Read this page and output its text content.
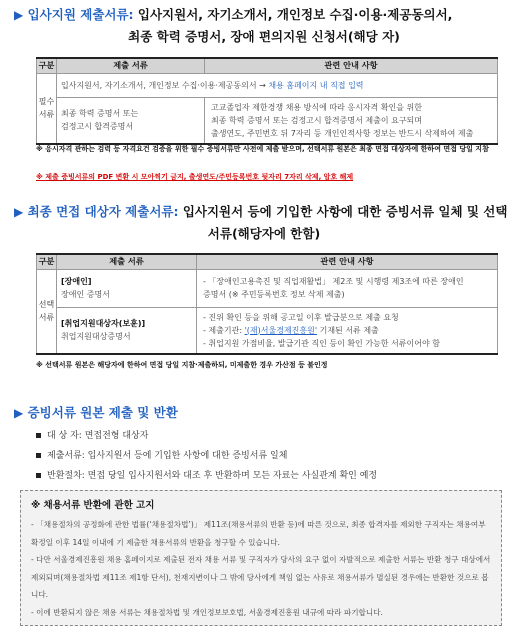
▶ 입사지원 제출서류: 입사지원서, 자기소개서, 개인정보 수집·이용·제공동의서,
최종 학력 증명서, 장애 편의지원 신청서(해당 자)
구분	제출 서류	관련 안내 사항
필수
서류	입사지원서, 자기소개서, 개인정보 수집·이용·제공동의서 → 채용 홈페이지 내 직접 입력	
	최종 학력 증명서 또는
검정고시 합격증명서	고교졸업자 제한경쟁 채용 방식에 따라 응시자격 확인을 위한
최종 학력 증명서 또는 검정고시 합격증명서 제출이 요구되며
출생연도, 주민번호 뒤 7자리 등 개인인적사항 정보는 반드시 삭제하여 제출
※ 응시자격 관하는 검력 등 자격요건 검증을 위한 필수 증빙서류만 사전에 제출 받으며, 선택서류 원본은 최종 면접 대상자에 한하여 면접 당일 지참
※ 제출 증빙서류의 PDF 변환 시 모아찍기 금지, 출생연도/주민등록번호 뒷자리 7자리 삭제, 암호 해제
▶ 최종 면접 대상자 제출서류: 입사지원서 등에 기입한 사항에 대한 증빙서류 일체 및 선택
서류(해당자에 한함)
구분	제출 서류	관련 안내 사항
선택
서류	[장애인]
장애인 증명서	- 「장애인고용촉진 및 직업재활법」 제2조 및 시행령 제3조에 따른 장애인
증명서 (※ 주민등록번호 정보 삭제 제출)
	[취업지원대상자(보훈)]
취업지원대상증명서	- 진위 확인 등을 위해 공고일 이후 발급분으로 제출 요청
- 제출기관: '(재)서울경제진흥원' 기재된 서류 제출
- 취업지원 가점비율, 발급기관 직인 등이 확인 가능한 서류이어야 함
※ 선택서류 원본은 해당자에 한하여 면접 당일 지참·제출하되, 미제출한 경우 가산점 등 불인정
▶ 증빙서류 원본 제출 및 반환
대 상 자: 면접전형 대상자
제출서류: 입사지원서 등에 기입한 사항에 대한 증빙서류 일체
반환절차: 면접 당일 입사지원서와 대조 후 반환하며 모든 자료는 사실관계 확인 예정
※ 채용서류 반환에 관한 고지

- 「채용절차의 공정화에 관한 법률(‘채용절차법’)」 제11조(채용서류의 반환 등)에 따른 것으로, 최종 합격자를 제외한 구직자는 채용여부 확정일 이후 14일 이내에 기 제출한 채용서류의 반환을 청구할 수 있습니다.

- 다만 서울경제진흥원 채용 홈페이지로 제출된 전자 채용 서류 및 구직자가 당사의 요구 없이 자발적으로 제출한 서류는 반환 청구 대상에서 제외되며(채용절차법 제11조 제1항 단서), 천재지변이나 그 밖에 당사에게 책임 없는 사유로 채용서류가 멸실된 경우에는 반환한 것으로 봅니다.

- 이에 반환되지 않은 채용 서류는 채용절차법 및 개인정보보호법, 서울경제진흥원 내규에 따라 파기합니다.
